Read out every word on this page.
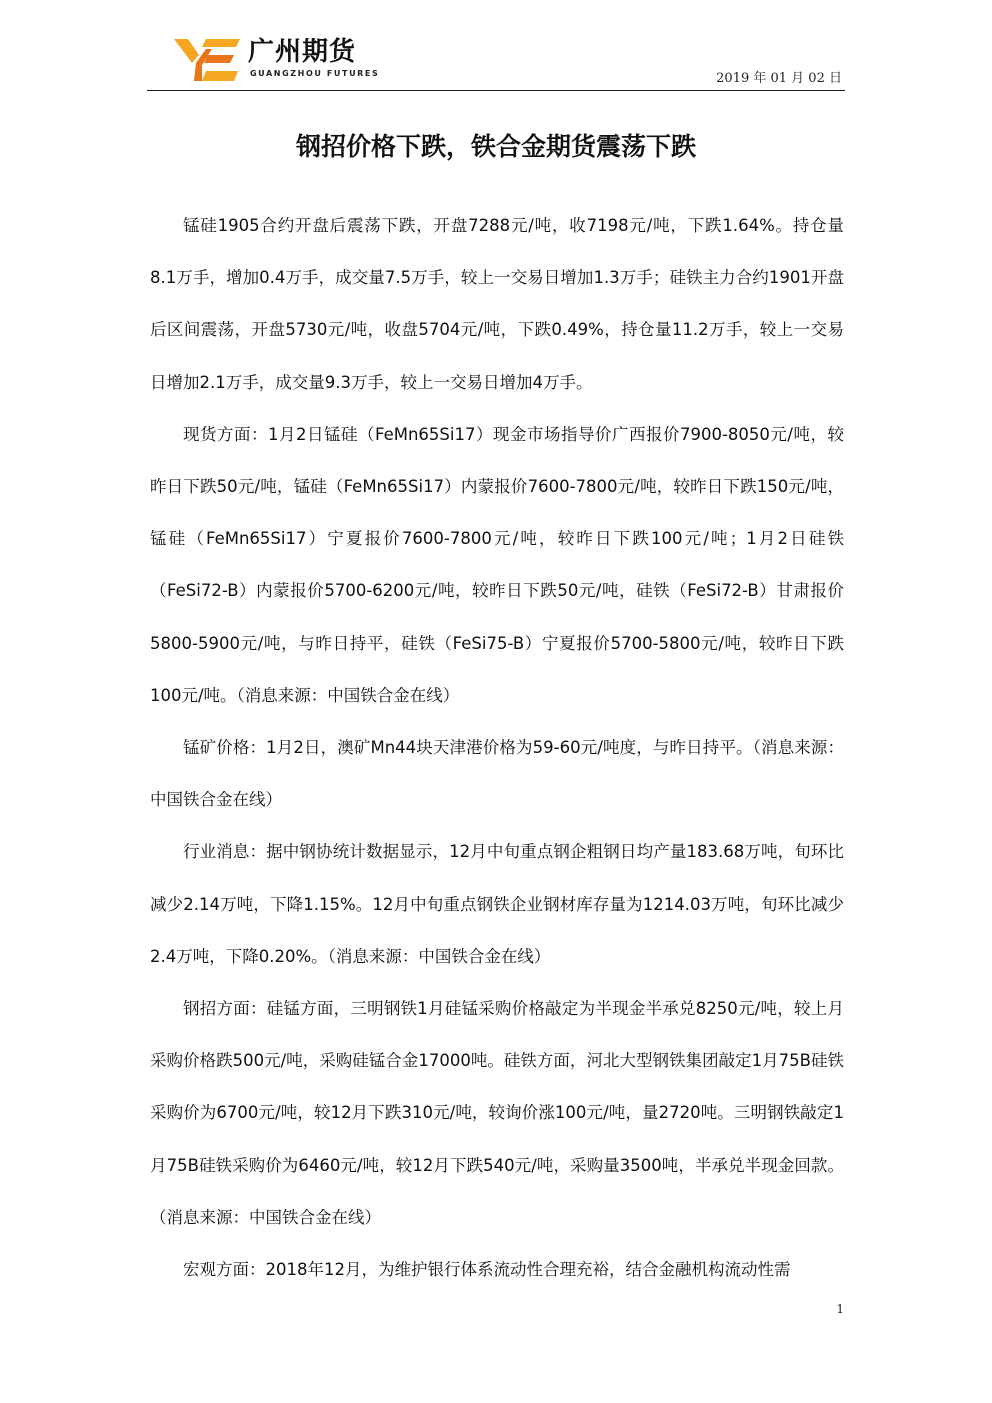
广州期货
GUANGZHOU FUTURES	2019 年 01 月 02 日
钢招价格下跌，铁合金期货震荡下跌

锰硅1905合约开盘后震荡下跌，开盘7288元/吨，收7198元/吨，下跌1.64%。持仓量8.1万手，增加0.4万手，成交量7.5万手，较上一交易日增加1.3万手；硅铁主力合约1901开盘后区间震荡，开盘5730元/吨，收盘5704元/吨，下跌0.49%，持仓量11.2万手，较上一交易日增加2.1万手，成交量9.3万手，较上一交易日增加4万手。

现货方面：1月2日锰硅（FeMn65Si17）现金市场指导价广西报价7900-8050元/吨，较昨日下跌50元/吨，锰硅（FeMn65Si17）内蒙报价7600-7800元/吨，较昨日下跌150元/吨，锰硅（FeMn65Si17）宁夏报价7600-7800元/吨，较昨日下跌100元/吨；1月2日硅铁（FeSi72-B）内蒙报价5700-6200元/吨，较昨日下跌50元/吨，硅铁（FeSi72-B）甘肃报价5800-5900元/吨，与昨日持平，硅铁（FeSi75-B）宁夏报价5700-5800元/吨，较昨日下跌100元/吨。（消息来源：中国铁合金在线）

锰矿价格：1月2日，澳矿Mn44块天津港价格为59-60元/吨度，与昨日持平。（消息来源：中国铁合金在线）

行业消息：据中钢协统计数据显示，12月中旬重点钢企粗钢日均产量183.68万吨，旬环比减少2.14万吨，下降1.15%。12月中旬重点钢铁企业钢材库存量为1214.03万吨，旬环比减少2.4万吨，下降0.20%。（消息来源：中国铁合金在线）

钢招方面：硅锰方面，三明钢铁1月硅锰采购价格敲定为半现金半承兑8250元/吨，较上月采购价格跌500元/吨，采购硅锰合金17000吨。硅铁方面，河北大型钢铁集团敲定1月75B硅铁采购价为6700元/吨，较12月下跌310元/吨，较询价涨100元/吨，量2720吨。三明钢铁敲定1月75B硅铁采购价为6460元/吨，较12月下跌540元/吨，采购量3500吨，半承兑半现金回款。（消息来源：中国铁合金在线）

宏观方面：2018年12月，为维护银行体系流动性合理充裕，结合金融机构流动性需

1
